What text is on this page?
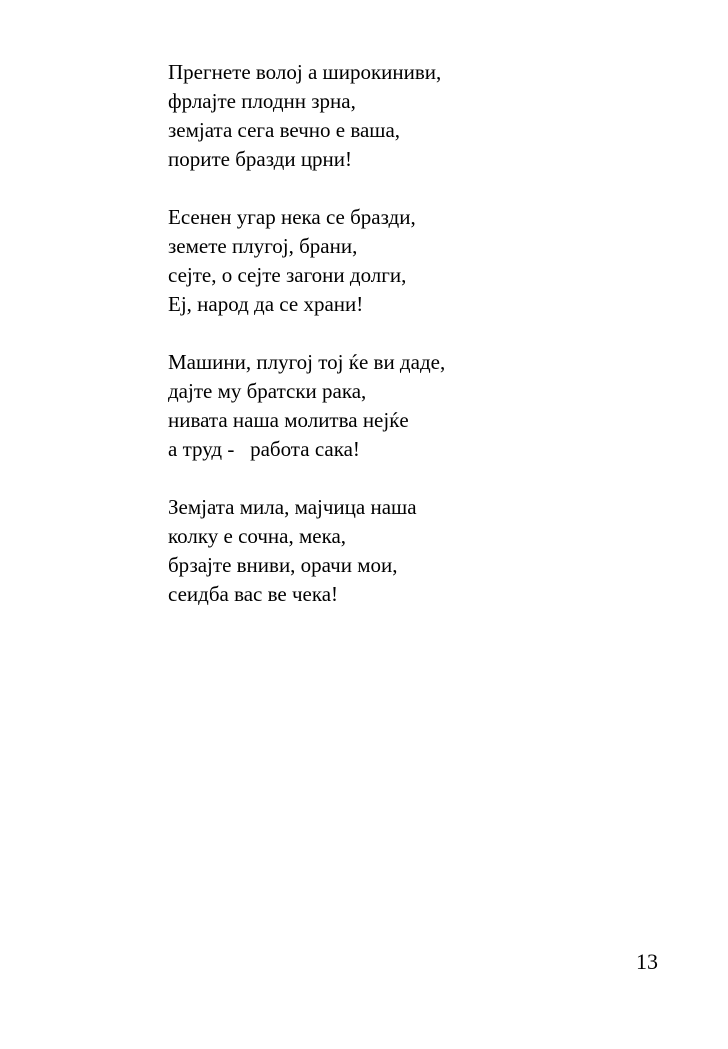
Прегнете волој а широкиниви,
фрлајте плоднн зрна,
земјата сега вечно е ваша,
порите бразди црни!
Есенен угар нека се бразди,
земете плугој, брани,
сејте, о сејте загони долги,
Ej, народ да се храни!
Машини, плугој тој ќе ви даде,
дајте му братски рака,
нивата наша молитва нејќе
а труд -   работа сака!
Земјата мила, мајчица наша
колку е сочна, мека,
брзајте вниви, орачи мои,
сеидба вас ве чека!
13
